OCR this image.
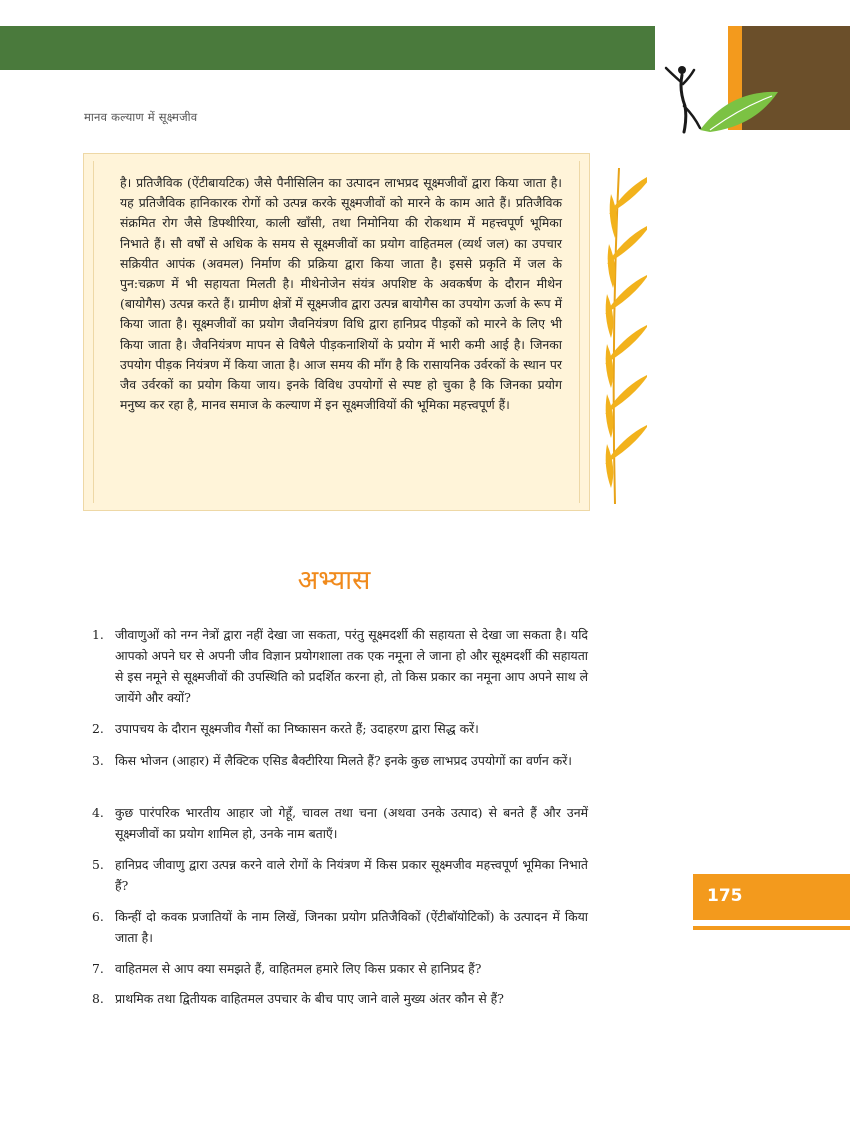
मानव कल्याण में सूक्ष्मजीव
है। प्रतिजैविक (ऐंटीबायटिक) जैसे पैनीसिलिन का उत्पादन लाभप्रद सूक्ष्मजीवों द्वारा किया जाता है। यह प्रतिजैविक हानिकारक रोगों को उत्पन्न करके सूक्ष्मजीवों को मारने के काम आते हैं। प्रतिजैविक संक्रमित रोग जैसे डिफ्थीरिया, काली खाँसी, तथा निमोनिया की रोकथाम में महत्त्वपूर्ण भूमिका निभाते हैं। सौ वर्षों से अधिक के समय से सूक्ष्मजीवों का प्रयोग वाहितमल (व्यर्थ जल) का उपचार सक्रियीत आपंक (अवमल) निर्माण की प्रक्रिया द्वारा किया जाता है। इससे प्रकृति में जल के पुन:चक्रण में भी सहायता मिलती है। मीथेनोजेन संयंत्र अपशिष्ट के अवकर्षण के दौरान मीथेन (बायोगैस) उत्पन्न करते हैं। ग्रामीण क्षेत्रों में सूक्ष्मजीव द्वारा उत्पन्न बायोगैस का उपयोग ऊर्जा के रूप में किया जाता है। सूक्ष्मजीवों का प्रयोग जैवनियंत्रण विधि द्वारा हानिप्रद पीड़कों को मारने के लिए भी किया जाता है। जैवनियंत्रण मापन से विषैले पीड़कनाशियों के प्रयोग में भारी कमी आई है। जिनका उपयोग पीड़क नियंत्रण में किया जाता है। आज समय की माँग है कि रासायनिक उर्वरकों के स्थान पर जैव उर्वरकों का प्रयोग किया जाय। इनके विविध उपयोगों से स्पष्ट हो चुका है कि जिनका प्रयोग मनुष्य कर रहा है, मानव समाज के कल्याण में इन सूक्ष्मजीवियों की भूमिका महत्त्वपूर्ण हैं।
अभ्यास
1. जीवाणुओं को नग्न नेत्रों द्वारा नहीं देखा जा सकता, परंतु सूक्ष्मदर्शी की सहायता से देखा जा सकता है। यदि आपको अपने घर से अपनी जीव विज्ञान प्रयोगशाला तक एक नमूना ले जाना हो और सूक्ष्मदर्शी की सहायता से इस नमूने से सूक्ष्मजीवों की उपस्थिति को प्रदर्शित करना हो, तो किस प्रकार का नमूना आप अपने साथ ले जायेंगे और क्यों?
2. उपापचय के दौरान सूक्ष्मजीव गैसों का निष्कासन करते हैं; उदाहरण द्वारा सिद्ध करें।
3. किस भोजन (आहार) में लैक्टिक एसिड बैक्टीरिया मिलते हैं? इनके कुछ लाभप्रद उपयोगों का वर्णन करें।
4. कुछ पारंपरिक भारतीय आहार जो गेहूँ, चावल तथा चना (अथवा उनके उत्पाद) से बनते हैं और उनमें सूक्ष्मजीवों का प्रयोग शामिल हो, उनके नाम बताएँ।
5. हानिप्रद जीवाणु द्वारा उत्पन्न करने वाले रोगों के नियंत्रण में किस प्रकार सूक्ष्मजीव महत्त्वपूर्ण भूमिका निभाते हैं?
6. किन्हीं दो कवक प्रजातियों के नाम लिखें, जिनका प्रयोग प्रतिजैविकों (ऐंटीबॉयोटिकों) के उत्पादन में किया जाता है।
7. वाहितमल से आप क्या समझते हैं, वाहितमल हमारे लिए किस प्रकार से हानिप्रद हैं?
8. प्राथमिक तथा द्वितीयक वाहितमल उपचार के बीच पाए जाने वाले मुख्य अंतर कौन से हैं?
175
